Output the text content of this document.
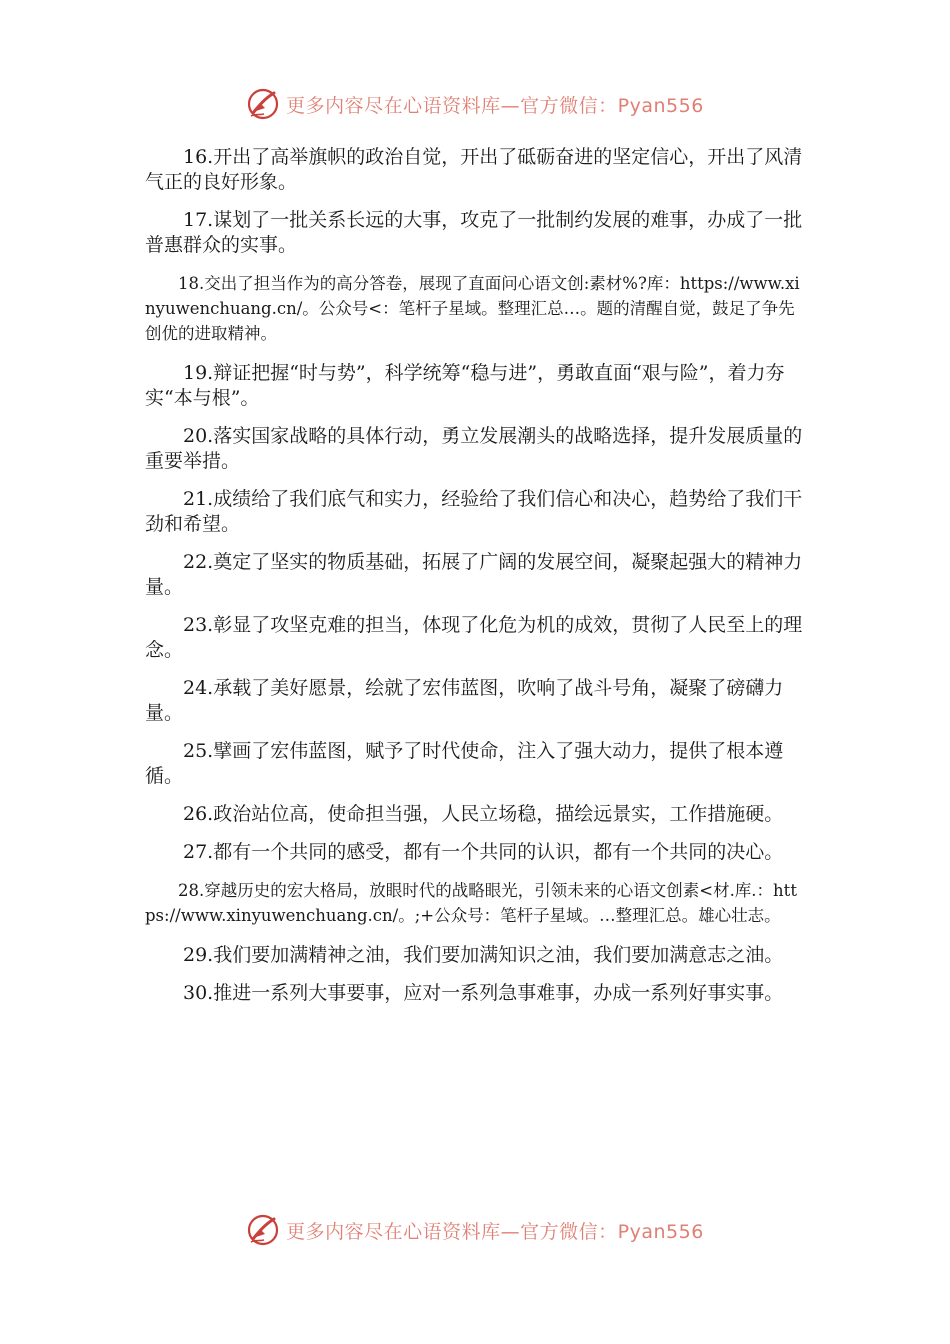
更多内容尽在心语资料库—官方微信：Pyan556

16.开出了高举旗帜的政治自觉，开出了砥砺奋进的坚定信心，开出了风清气正的良好形象。

17.谋划了一批关系长远的大事，攻克了一批制约发展的难事，办成了一批普惠群众的实事。

18.交出了担当作为的高分答卷，展现了直面问心语文创:素材%?库：https://www.xinyuwenchuang.cn/。公众号<：笔杆子星域。整理汇总…。题的清醒自觉，鼓足了争先创优的进取精神。

19.辩证把握“时与势”，科学统筹“稳与进”，勇敢直面“艰与险”，着力夯实“本与根”。

20.落实国家战略的具体行动，勇立发展潮头的战略选择，提升发展质量的重要举措。

21.成绩给了我们底气和实力，经验给了我们信心和决心，趋势给了我们干劲和希望。

22.奠定了坚实的物质基础，拓展了广阔的发展空间，凝聚起强大的精神力量。

23.彰显了攻坚克难的担当，体现了化危为机的成效，贯彻了人民至上的理念。

24.承载了美好愿景，绘就了宏伟蓝图，吹响了战斗号角，凝聚了磅礴力量。

25.擘画了宏伟蓝图，赋予了时代使命，注入了强大动力，提供了根本遵循。

26.政治站位高，使命担当强，人民立场稳，描绘远景实，工作措施硬。

27.都有一个共同的感受，都有一个共同的认识，都有一个共同的决心。

28.穿越历史的宏大格局，放眼时代的战略眼光，引领未来的心语文创素<材.库.：https://www.xinyuwenchuang.cn/。;+公众号：笔杆子星域。…整理汇总。雄心壮志。

29.我们要加满精神之油，我们要加满知识之油，我们要加满意志之油。

30.推进一系列大事要事，应对一系列急事难事，办成一系列好事实事。

更多内容尽在心语资料库—官方微信：Pyan556
